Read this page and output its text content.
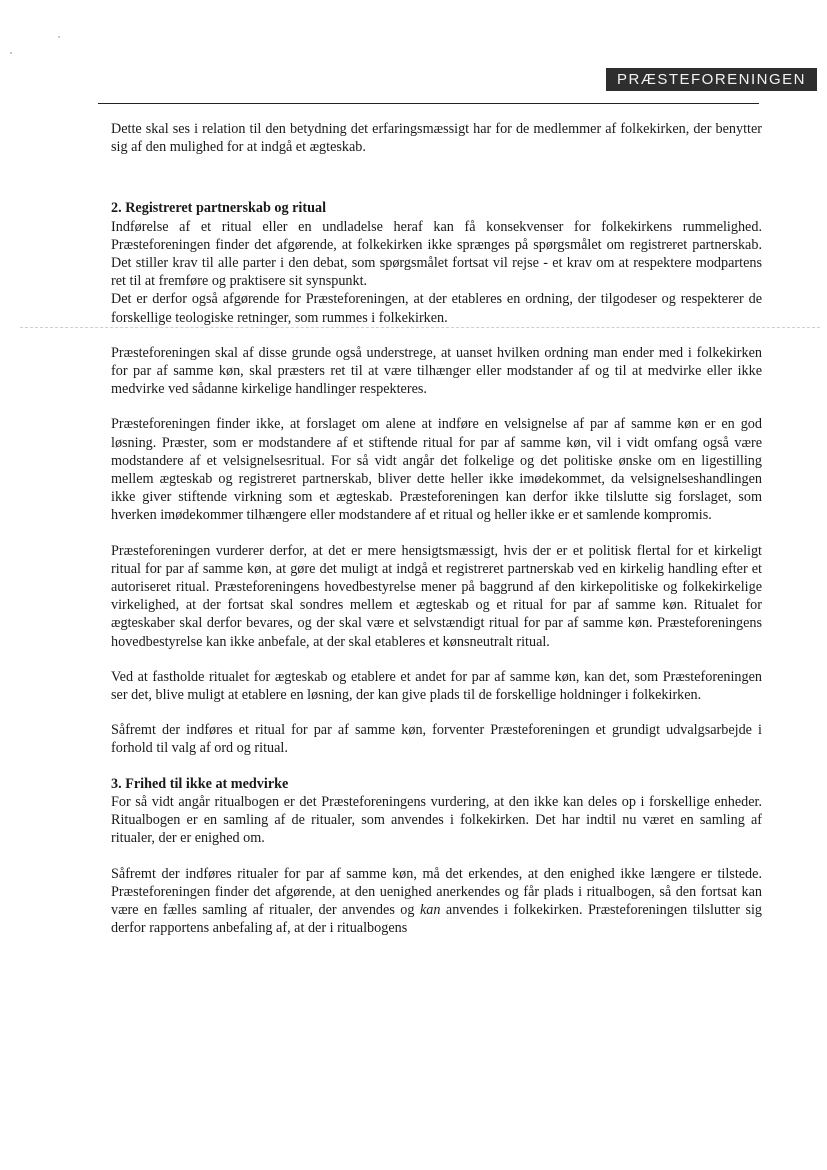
PRÆSTEFORENINGEN

Dette skal ses i relation til den betydning det erfaringsmæssigt har for de medlemmer af folkekirken, der benytter sig af den mulighed for at indgå et ægteskab.

2. Registreret partnerskab og ritual

Indførelse af et ritual eller en undladelse heraf kan få konsekvenser for folkekirkens rummelighed. Præsteforeningen finder det afgørende, at folkekirken ikke sprænges på spørgsmålet om registreret partnerskab. Det stiller krav til alle parter i den debat, som spørgsmålet fortsat vil rejse - et krav om at respektere modpartens ret til at fremføre og praktisere sit synspunkt.

Det er derfor også afgørende for Præsteforeningen, at der etableres en ordning, der tilgodeser og respekterer de forskellige teologiske retninger, som rummes i folkekirken.

Præsteforeningen skal af disse grunde også understrege, at uanset hvilken ordning man ender med i folkekirken for par af samme køn, skal præsters ret til at være tilhænger eller modstander af og til at medvirke eller ikke medvirke ved sådanne kirkelige handlinger respekteres.

Præsteforeningen finder ikke, at forslaget om alene at indføre en velsignelse af par af samme køn er en god løsning. Præster, som er modstandere af et stiftende ritual for par af samme køn, vil i vidt omfang også være modstandere af et velsignelsesritual. For så vidt angår det folkelige og det politiske ønske om en ligestilling mellem ægteskab og registreret partnerskab, bliver dette heller ikke imødekommet, da velsignelseshandlingen ikke giver stiftende virkning som et ægteskab. Præsteforeningen kan derfor ikke tilslutte sig forslaget, som hverken imødekommer tilhængere eller modstandere af et ritual og heller ikke er et samlende kompromis.

Præsteforeningen vurderer derfor, at det er mere hensigtsmæssigt, hvis der er et politisk flertal for et kirkeligt ritual for par af samme køn, at gøre det muligt at indgå et registreret partnerskab ved en kirkelig handling efter et autoriseret ritual. Præsteforeningens hovedbestyrelse mener på baggrund af den kirkepolitiske og folkekirkelige virkelighed, at der fortsat skal sondres mellem et ægteskab og et ritual for par af samme køn. Ritualet for ægteskaber skal derfor bevares, og der skal være et selvstændigt ritual for par af samme køn. Præsteforeningens hovedbestyrelse kan ikke anbefale, at der skal etableres et kønsneutralt ritual.

Ved at fastholde ritualet for ægteskab og etablere et andet for par af samme køn, kan det, som Præsteforeningen ser det, blive muligt at etablere en løsning, der kan give plads til de forskellige holdninger i folkekirken.

Såfremt der indføres et ritual for par af samme køn, forventer Præsteforeningen et grundigt udvalgsarbejde i forhold til valg af ord og ritual.

3. Frihed til ikke at medvirke

For så vidt angår ritualbogen er det Præsteforeningens vurdering, at den ikke kan deles op i forskellige enheder. Ritualbogen er en samling af de ritualer, som anvendes i folkekirken. Det har indtil nu været en samling af ritualer, der er enighed om.

Såfremt der indføres ritualer for par af samme køn, må det erkendes, at den enighed ikke længere er tilstede. Præsteforeningen finder det afgørende, at den uenighed anerkendes og får plads i ritualbogen, så den fortsat kan være en fælles samling af ritualer, der anvendes og kan anvendes i folkekirken. Præsteforeningen tilslutter sig derfor rapportens anbefaling af, at der i ritualbogens
